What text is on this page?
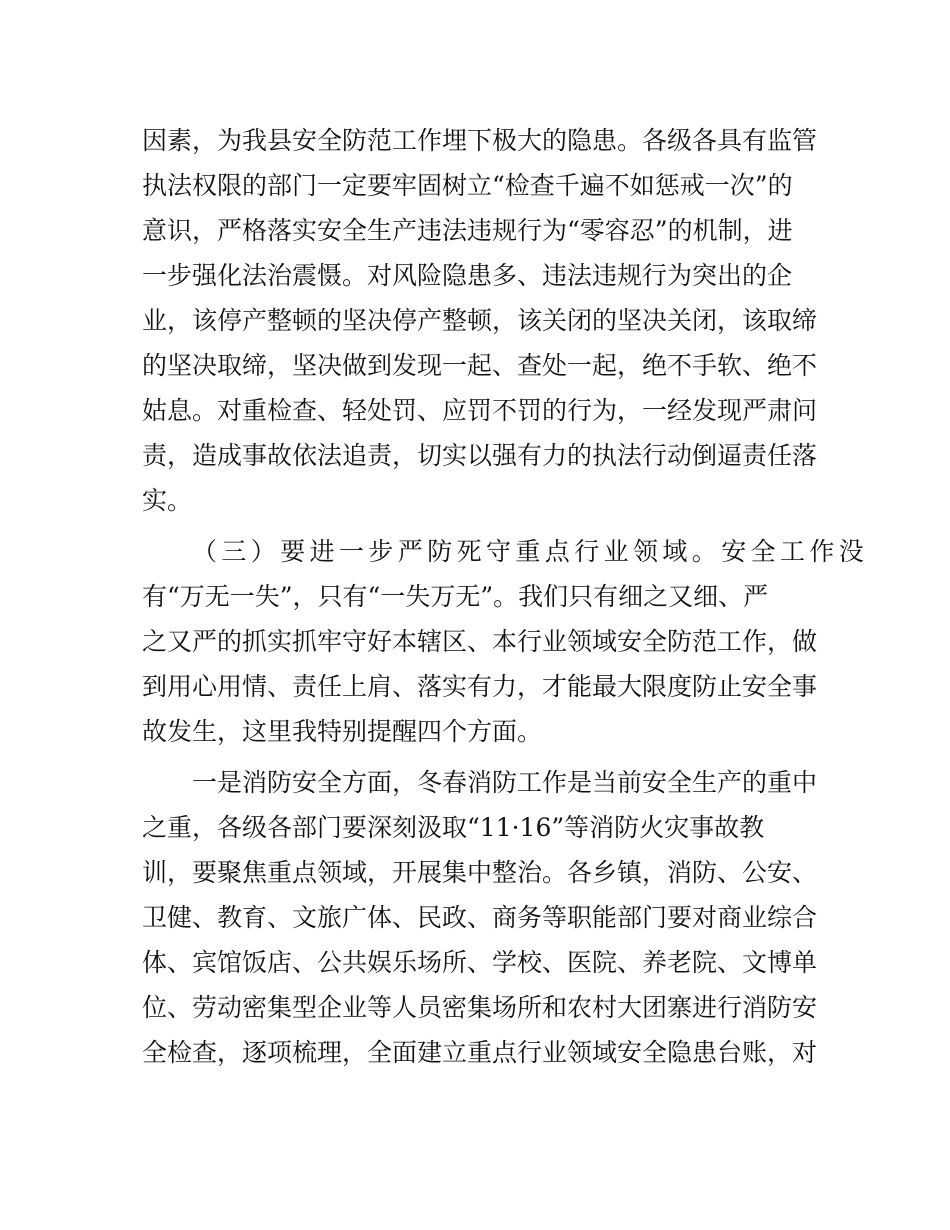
因素，为我县安全防范工作埋下极大的隐患。各级各具有监管
执法权限的部门一定要牢固树立“检查千遍不如惩戒一次”的
意识，严格落实安全生产违法违规行为“零容忍”的机制，进
一步强化法治震慑。对风险隐患多、违法违规行为突出的企
业，该停产整顿的坚决停产整顿，该关闭的坚决关闭，该取缔
的坚决取缔，坚决做到发现一起、查处一起，绝不手软、绝不
姑息。对重检查、轻处罚、应罚不罚的行为，一经发现严肃问
责，造成事故依法追责，切实以强有力的执法行动倒逼责任落
实。
（三）要进一步严防死守重点行业领域。安全工作没
有“万无一失”，只有“一失万无”。我们只有细之又细、严
之又严的抓实抓牢守好本辖区、本行业领域安全防范工作，做
到用心用情、责任上肩、落实有力，才能最大限度防止安全事
故发生，这里我特别提醒四个方面。
一是消防安全方面，冬春消防工作是当前安全生产的重中
之重，各级各部门要深刻汲取“11·16”等消防火灾事故教
训，要聚焦重点领域，开展集中整治。各乡镇，消防、公安、
卫健、教育、文旅广体、民政、商务等职能部门要对商业综合
体、宾馆饭店、公共娱乐场所、学校、医院、养老院、文博单
位、劳动密集型企业等人员密集场所和农村大团寨进行消防安
全检查，逐项梳理，全面建立重点行业领域安全隐患台账，对
